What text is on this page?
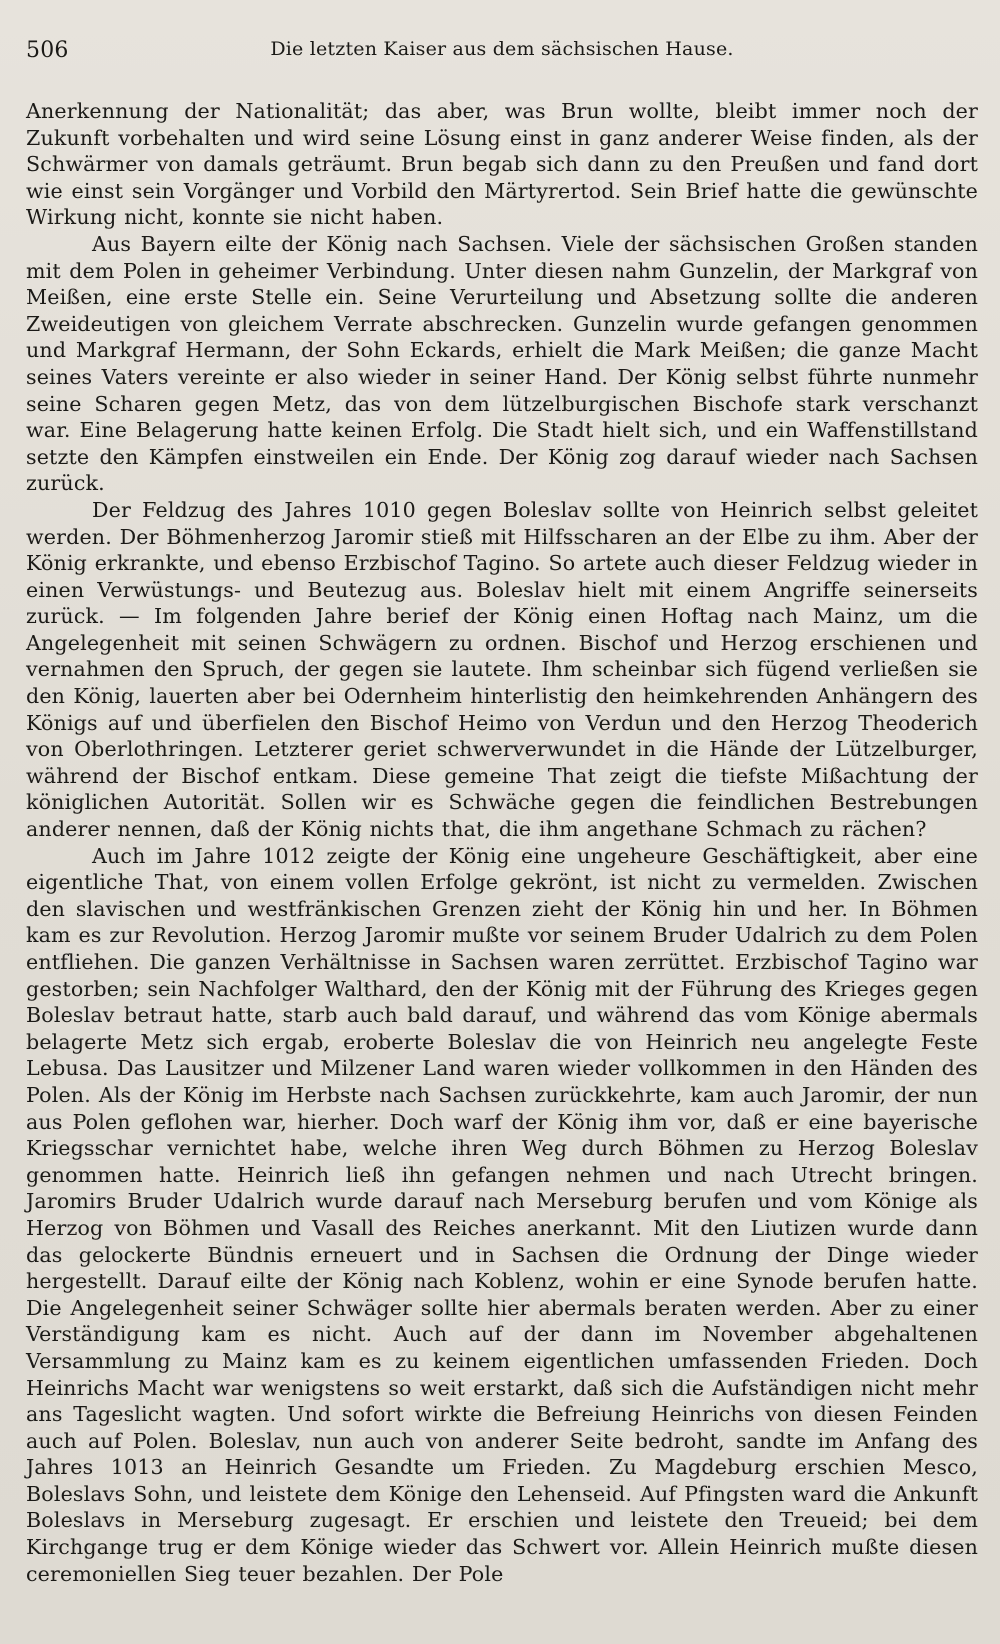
506	Die letzten Kaiser aus dem sächsischen Hause.

Anerkennung der Nationalität; das aber, was Brun wollte, bleibt immer noch der Zukunft vorbehalten und wird seine Lösung einst in ganz anderer Weise finden, als der Schwärmer von damals geträumt. Brun begab sich dann zu den Preußen und fand dort wie einst sein Vorgänger und Vorbild den Märtyrertod. Sein Brief hatte die gewünschte Wirkung nicht, konnte sie nicht haben.

Aus Bayern eilte der König nach Sachsen. Viele der sächsischen Großen standen mit dem Polen in geheimer Verbindung. Unter diesen nahm Gunzelin, der Markgraf von Meißen, eine erste Stelle ein. Seine Verurteilung und Absetzung sollte die anderen Zweideutigen von gleichem Verrate abschrecken. Gunzelin wurde gefangen genommen und Markgraf Hermann, der Sohn Eckards, erhielt die Mark Meißen; die ganze Macht seines Vaters vereinte er also wieder in seiner Hand. Der König selbst führte nunmehr seine Scharen gegen Metz, das von dem lützelburgischen Bischofe stark verschanzt war. Eine Belagerung hatte keinen Erfolg. Die Stadt hielt sich, und ein Waffenstillstand setzte den Kämpfen einstweilen ein Ende. Der König zog darauf wieder nach Sachsen zurück.

Der Feldzug des Jahres 1010 gegen Boleslav sollte von Heinrich selbst geleitet werden. Der Böhmenherzog Jaromir stieß mit Hilfsscharen an der Elbe zu ihm. Aber der König erkrankte, und ebenso Erzbischof Tagino. So artete auch dieser Feldzug wieder in einen Verwüstungs- und Beutezug aus. Boleslav hielt mit einem Angriffe seinerseits zurück. — Im folgenden Jahre berief der König einen Hoftag nach Mainz, um die Angelegenheit mit seinen Schwägern zu ordnen. Bischof und Herzog erschienen und vernahmen den Spruch, der gegen sie lautete. Ihm scheinbar sich fügend verließen sie den König, lauerten aber bei Odernheim hinterlistig den heimkehrenden Anhängern des Königs auf und überfielen den Bischof Heimo von Verdun und den Herzog Theoderich von Oberlothringen. Letzterer geriet schwerverwundet in die Hände der Lützelburger, während der Bischof entkam. Diese gemeine That zeigt die tiefste Mißachtung der königlichen Autorität. Sollen wir es Schwäche gegen die feindlichen Bestrebungen anderer nennen, daß der König nichts that, die ihm angethane Schmach zu rächen?

Auch im Jahre 1012 zeigte der König eine ungeheure Geschäftigkeit, aber eine eigentliche That, von einem vollen Erfolge gekrönt, ist nicht zu vermelden. Zwischen den slavischen und westfränkischen Grenzen zieht der König hin und her. In Böhmen kam es zur Revolution. Herzog Jaromir mußte vor seinem Bruder Udalrich zu dem Polen entfliehen. Die ganzen Verhältnisse in Sachsen waren zerrüttet. Erzbischof Tagino war gestorben; sein Nachfolger Walthard, den der König mit der Führung des Krieges gegen Boleslav betraut hatte, starb auch bald darauf, und während das vom Könige abermals belagerte Metz sich ergab, eroberte Boleslav die von Heinrich neu angelegte Feste Lebusa. Das Lausitzer und Milzener Land waren wieder vollkommen in den Händen des Polen. Als der König im Herbste nach Sachsen zurückkehrte, kam auch Jaromir, der nun aus Polen geflohen war, hierher. Doch warf der König ihm vor, daß er eine bayerische Kriegsschar vernichtet habe, welche ihren Weg durch Böhmen zu Herzog Boleslav genommen hatte. Heinrich ließ ihn gefangen nehmen und nach Utrecht bringen. Jaromirs Bruder Udalrich wurde darauf nach Merseburg berufen und vom Könige als Herzog von Böhmen und Vasall des Reiches anerkannt. Mit den Liutizen wurde dann das gelockerte Bündnis erneuert und in Sachsen die Ordnung der Dinge wieder hergestellt. Darauf eilte der König nach Koblenz, wohin er eine Synode berufen hatte. Die Angelegenheit seiner Schwäger sollte hier abermals beraten werden. Aber zu einer Verständigung kam es nicht. Auch auf der dann im November abgehaltenen Versammlung zu Mainz kam es zu keinem eigentlichen umfassenden Frieden. Doch Heinrichs Macht war wenigstens so weit erstarkt, daß sich die Aufständigen nicht mehr ans Tageslicht wagten. Und sofort wirkte die Befreiung Heinrichs von diesen Feinden auch auf Polen. Boleslav, nun auch von anderer Seite bedroht, sandte im Anfang des Jahres 1013 an Heinrich Gesandte um Frieden. Zu Magdeburg erschien Mesco, Boleslavs Sohn, und leistete dem Könige den Lehenseid. Auf Pfingsten ward die Ankunft Boleslavs in Merseburg zugesagt. Er erschien und leistete den Treueid; bei dem Kirchgange trug er dem Könige wieder das Schwert vor. Allein Heinrich mußte diesen ceremoniellen Sieg teuer bezahlen. Der Pole
